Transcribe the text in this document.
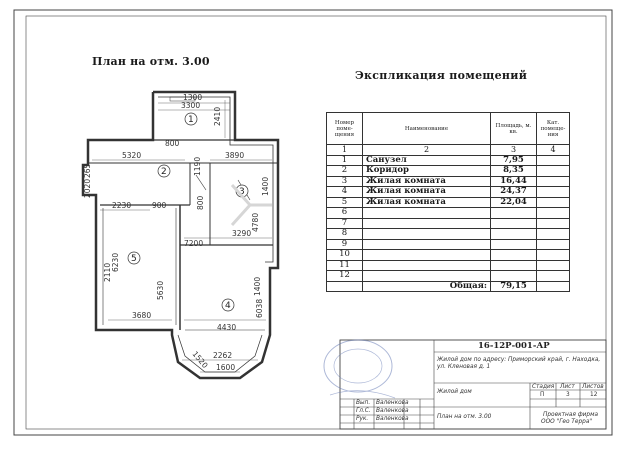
1300
3300
2410
800
5320	3890
1190
265
2020
2230	900	800
4780
1400
7200
3290
2110
6230
5630
6038
1400
3680
4430
1520 2262
1600
1
2
3
4
5
План на отм. 3.00
Экспликация помещений
Номер поме- щения	Наименование	Площадь, м. кв.	Кат. помеще- ния
1	2	3	4
1	Санузел	7,95	
2	Коридор	8,35	
3	Жилая комната	16,44	
4	Жилая комната	24,37	
5	Жилая комната	22,04	
6			
7			
8			
9			
10			
11			
12			
	Общая:	79,15	
16-12Р-001-АР
Жилой дом по адресу: Приморский край, г. Находка, ул. Кленовая д. 1
Жилой дом
План на отм. 3.00
Стадия Лист Листов
П	3	12
Проектная фирма
ООО "Гео Терра"
Вып. Валенкова
Гл.С. Валенкова
Рук. Валенкова
